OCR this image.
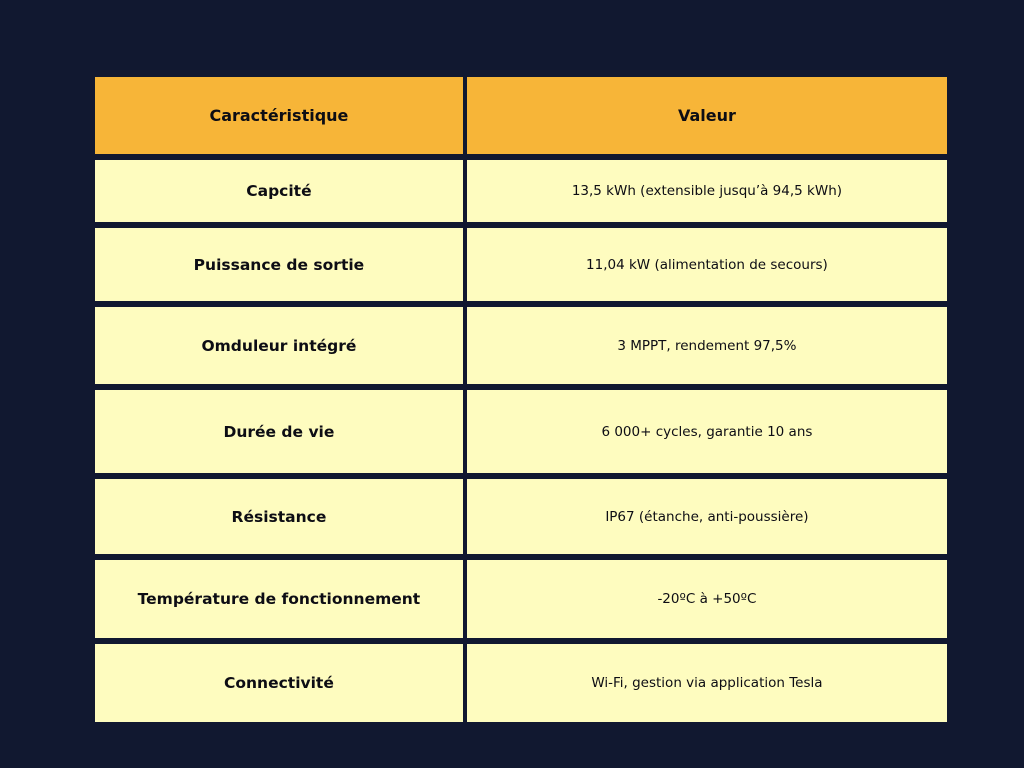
Caractéristique	Valeur
Capcité	13,5 kWh (extensible jusqu’à 94,5 kWh)
Puissance de sortie	11,04 kW (alimentation de secours)
Omduleur intégré	3 MPPT, rendement 97,5%
Durée de vie	6 000+ cycles, garantie 10 ans
Résistance	IP67 (étanche, anti-poussière)
Température de fonctionnement	-20ºC à +50ºC
Connectivité	Wi-Fi, gestion via application Tesla
